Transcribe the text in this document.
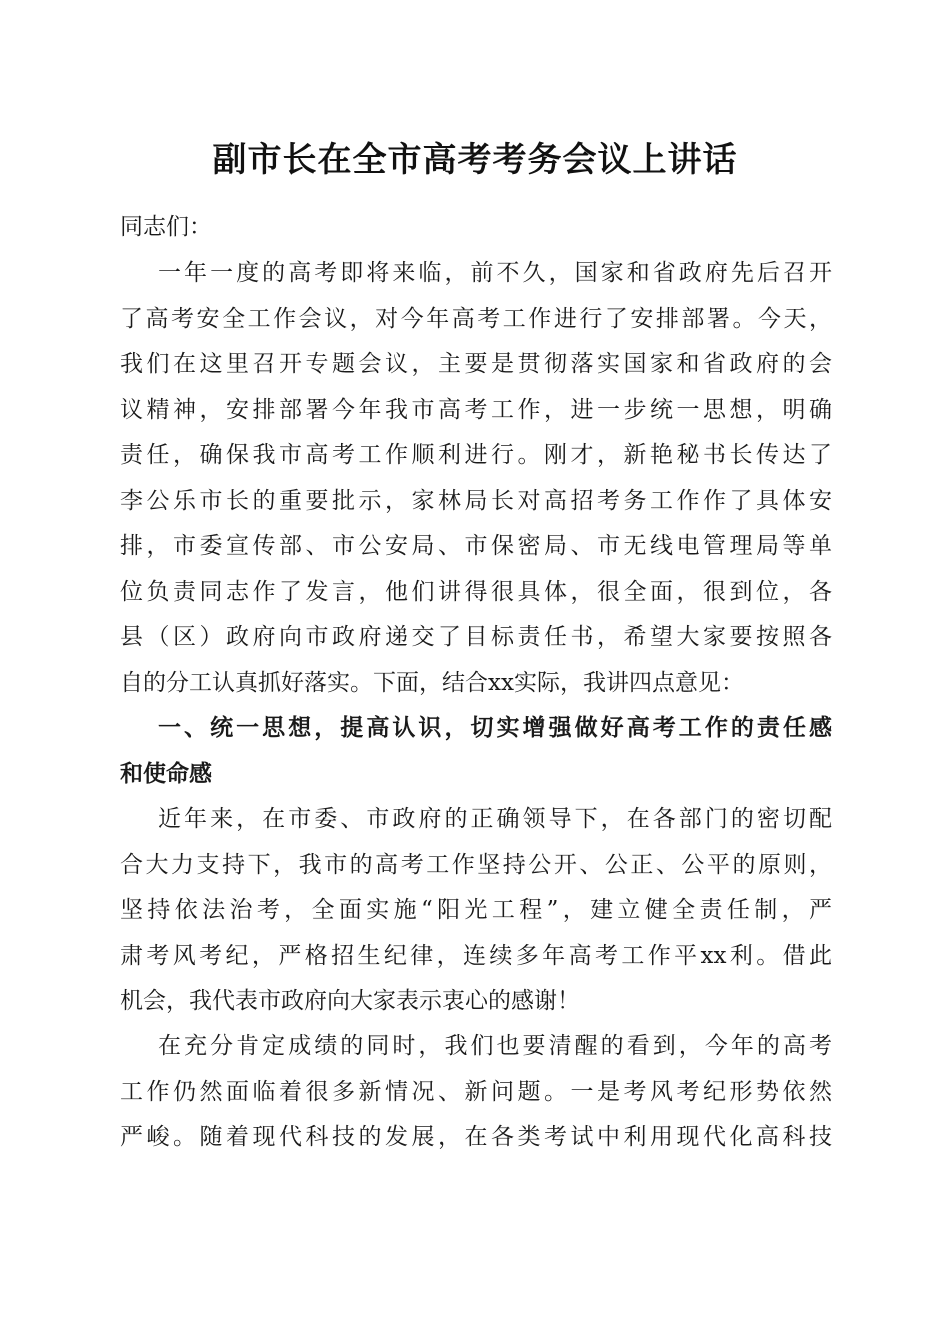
副市长在全市高考考务会议上讲话
同志们：
一年一度的高考即将来临，前不久，国家和省政府先后召开
了高考安全工作会议，对今年高考工作进行了安排部署。今天，
我们在这里召开专题会议，主要是贯彻落实国家和省政府的会
议精神，安排部署今年我市高考工作，进一步统一思想，明确
责任，确保我市高考工作顺利进行。刚才，新艳秘书长传达了
李公乐市长的重要批示，家林局长对高招考务工作作了具体安
排，市委宣传部、市公安局、市保密局、市无线电管理局等单
位负责同志作了发言，他们讲得很具体，很全面，很到位，各
县（区）政府向市政府递交了目标责任书，希望大家要按照各
自的分工认真抓好落实。下面，结合xx实际，我讲四点意见：
一、统一思想，提高认识，切实增强做好高考工作的责任感
和使命感
近年来，在市委、市政府的正确领导下，在各部门的密切配
合大力支持下，我市的高考工作坚持公开、公正、公平的原则，
坚持依法治考，全面实施“阳光工程”，建立健全责任制，严
肃考风考纪，严格招生纪律，连续多年高考工作平xx利。借此
机会，我代表市政府向大家表示衷心的感谢！
在充分肯定成绩的同时，我们也要清醒的看到，今年的高考
工作仍然面临着很多新情况、新问题。一是考风考纪形势依然
严峻。随着现代科技的发展，在各类考试中利用现代化高科技
